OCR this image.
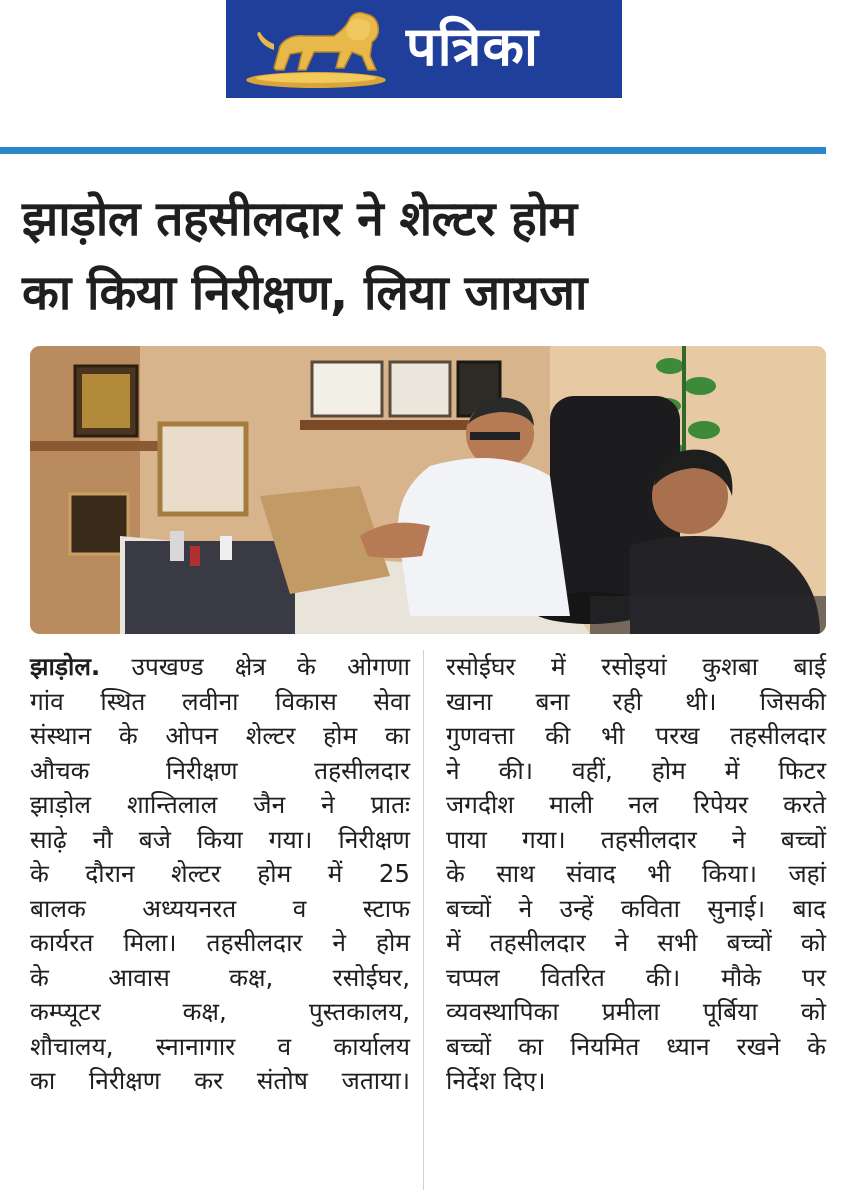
पत्रिका
झाड़ोल तहसीलदार ने शेल्टर होम
का किया निरीक्षण, लिया जायजा
झाड़ोल. उपखण्ड क्षेत्र के ओगणा
गांव स्थित लवीना विकास सेवा
संस्थान के ओपन शेल्टर होम का
औचक निरीक्षण तहसीलदार
झाड़ोल शान्तिलाल जैन ने प्रातः
साढ़े नौ बजे किया गया। निरीक्षण
के दौरान शेल्टर होम में 25
बालक अध्ययनरत व स्टाफ
कार्यरत मिला। तहसीलदार ने होम
के आवास कक्ष, रसोईघर,
कम्प्यूटर कक्ष, पुस्तकालय,
शौचालय, स्नानागार व कार्यालय
का निरीक्षण कर संतोष जताया।
रसोईघर में रसोइयां कुशबा बाई
खाना बना रही थी। जिसकी
गुणवत्ता की भी परख तहसीलदार
ने की। वहीं, होम में फिटर
जगदीश माली नल रिपेयर करते
पाया गया। तहसीलदार ने बच्चों
के साथ संवाद भी किया। जहां
बच्चों ने उन्हें कविता सुनाई। बाद
में तहसीलदार ने सभी बच्चों को
चप्पल वितरित की। मौके पर
व्यवस्थापिका प्रमीला पूर्बिया को
बच्चों का नियमित ध्यान रखने के
निर्देश दिए।
